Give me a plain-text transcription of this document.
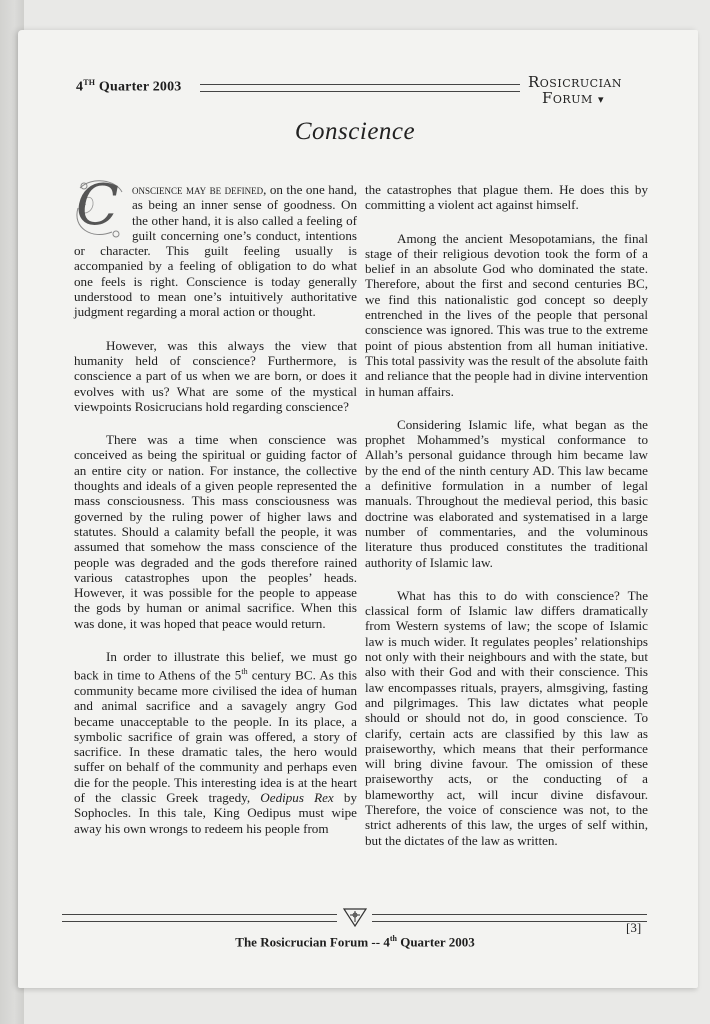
4TH Quarter 2003	Rosicrucian
Forum ▾
Conscience

C onscience may be defined, on the one hand, as being an inner sense of goodness. On the other hand, it is also called a feeling of guilt concerning one’s conduct, intentions or character. This guilt feeling usually is accompanied by a feeling of obligation to do what one feels is right. Conscience is today generally understood to mean one’s intuitively authoritative judgment regarding a moral action or thought.

However, was this always the view that humanity held of conscience? Furthermore, is conscience a part of us when we are born, or does it evolves with us? What are some of the mystical viewpoints Rosicrucians hold regarding conscience?

There was a time when conscience was conceived as being the spiritual or guiding factor of an entire city or nation. For instance, the collective thoughts and ideals of a given people represented the mass consciousness. This mass consciousness was governed by the ruling power of higher laws and statutes. Should a calamity befall the people, it was assumed that somehow the mass conscience of the people was degraded and the gods therefore rained various catastrophes upon the peoples’ heads. However, it was possible for the people to appease the gods by human or animal sacrifice. When this was done, it was hoped that peace would return.

In order to illustrate this belief, we must go back in time to Athens of the 5th century BC. As this community became more civilised the idea of human and animal sacrifice and a savagely angry God became unacceptable to the people. In its place, a symbolic sacrifice of grain was offered, a story of sacrifice. In these dramatic tales, the hero would suffer on behalf of the community and perhaps even die for the people. This interesting idea is at the heart of the classic Greek tragedy, Oedipus Rex by Sophocles. In this tale, King Oedipus must wipe away his own wrongs to redeem his people from

the catastrophes that plague them. He does this by committing a violent act against himself.

Among the ancient Mesopotamians, the final stage of their religious devotion took the form of a belief in an absolute God who dominated the state. Therefore, about the first and second centuries BC, we find this nationalistic god concept so deeply entrenched in the lives of the people that personal conscience was ignored. This was true to the extreme point of pious abstention from all human initiative. This total passivity was the result of the absolute faith and reliance that the people had in divine intervention in human affairs.

Considering Islamic life, what began as the prophet Mohammed’s mystical conformance to Allah’s personal guidance through him became law by the end of the ninth century AD. This law became a definitive formulation in a number of legal manuals. Throughout the medieval period, this basic doctrine was elaborated and systematised in a large number of commentaries, and the voluminous literature thus produced constitutes the traditional authority of Islamic law.

What has this to do with conscience? The classical form of Islamic law differs dramatically from Western systems of law; the scope of Islamic law is much wider. It regulates peoples’ relationships not only with their neighbours and with the state, but also with their God and with their conscience. This law encompasses rituals, prayers, almsgiving, fasting and pilgrimages. This law dictates what people should or should not do, in good conscience. To clarify, certain acts are classified by this law as praiseworthy, which means that their performance will bring divine favour. The omission of these praiseworthy acts, or the conducting of a blameworthy act, will incur divine disfavour. Therefore, the voice of conscience was not, to the strict adherents of this law, the urges of self within, but the dictates of the law as written.

[3]
The Rosicrucian Forum -- 4th Quarter 2003
